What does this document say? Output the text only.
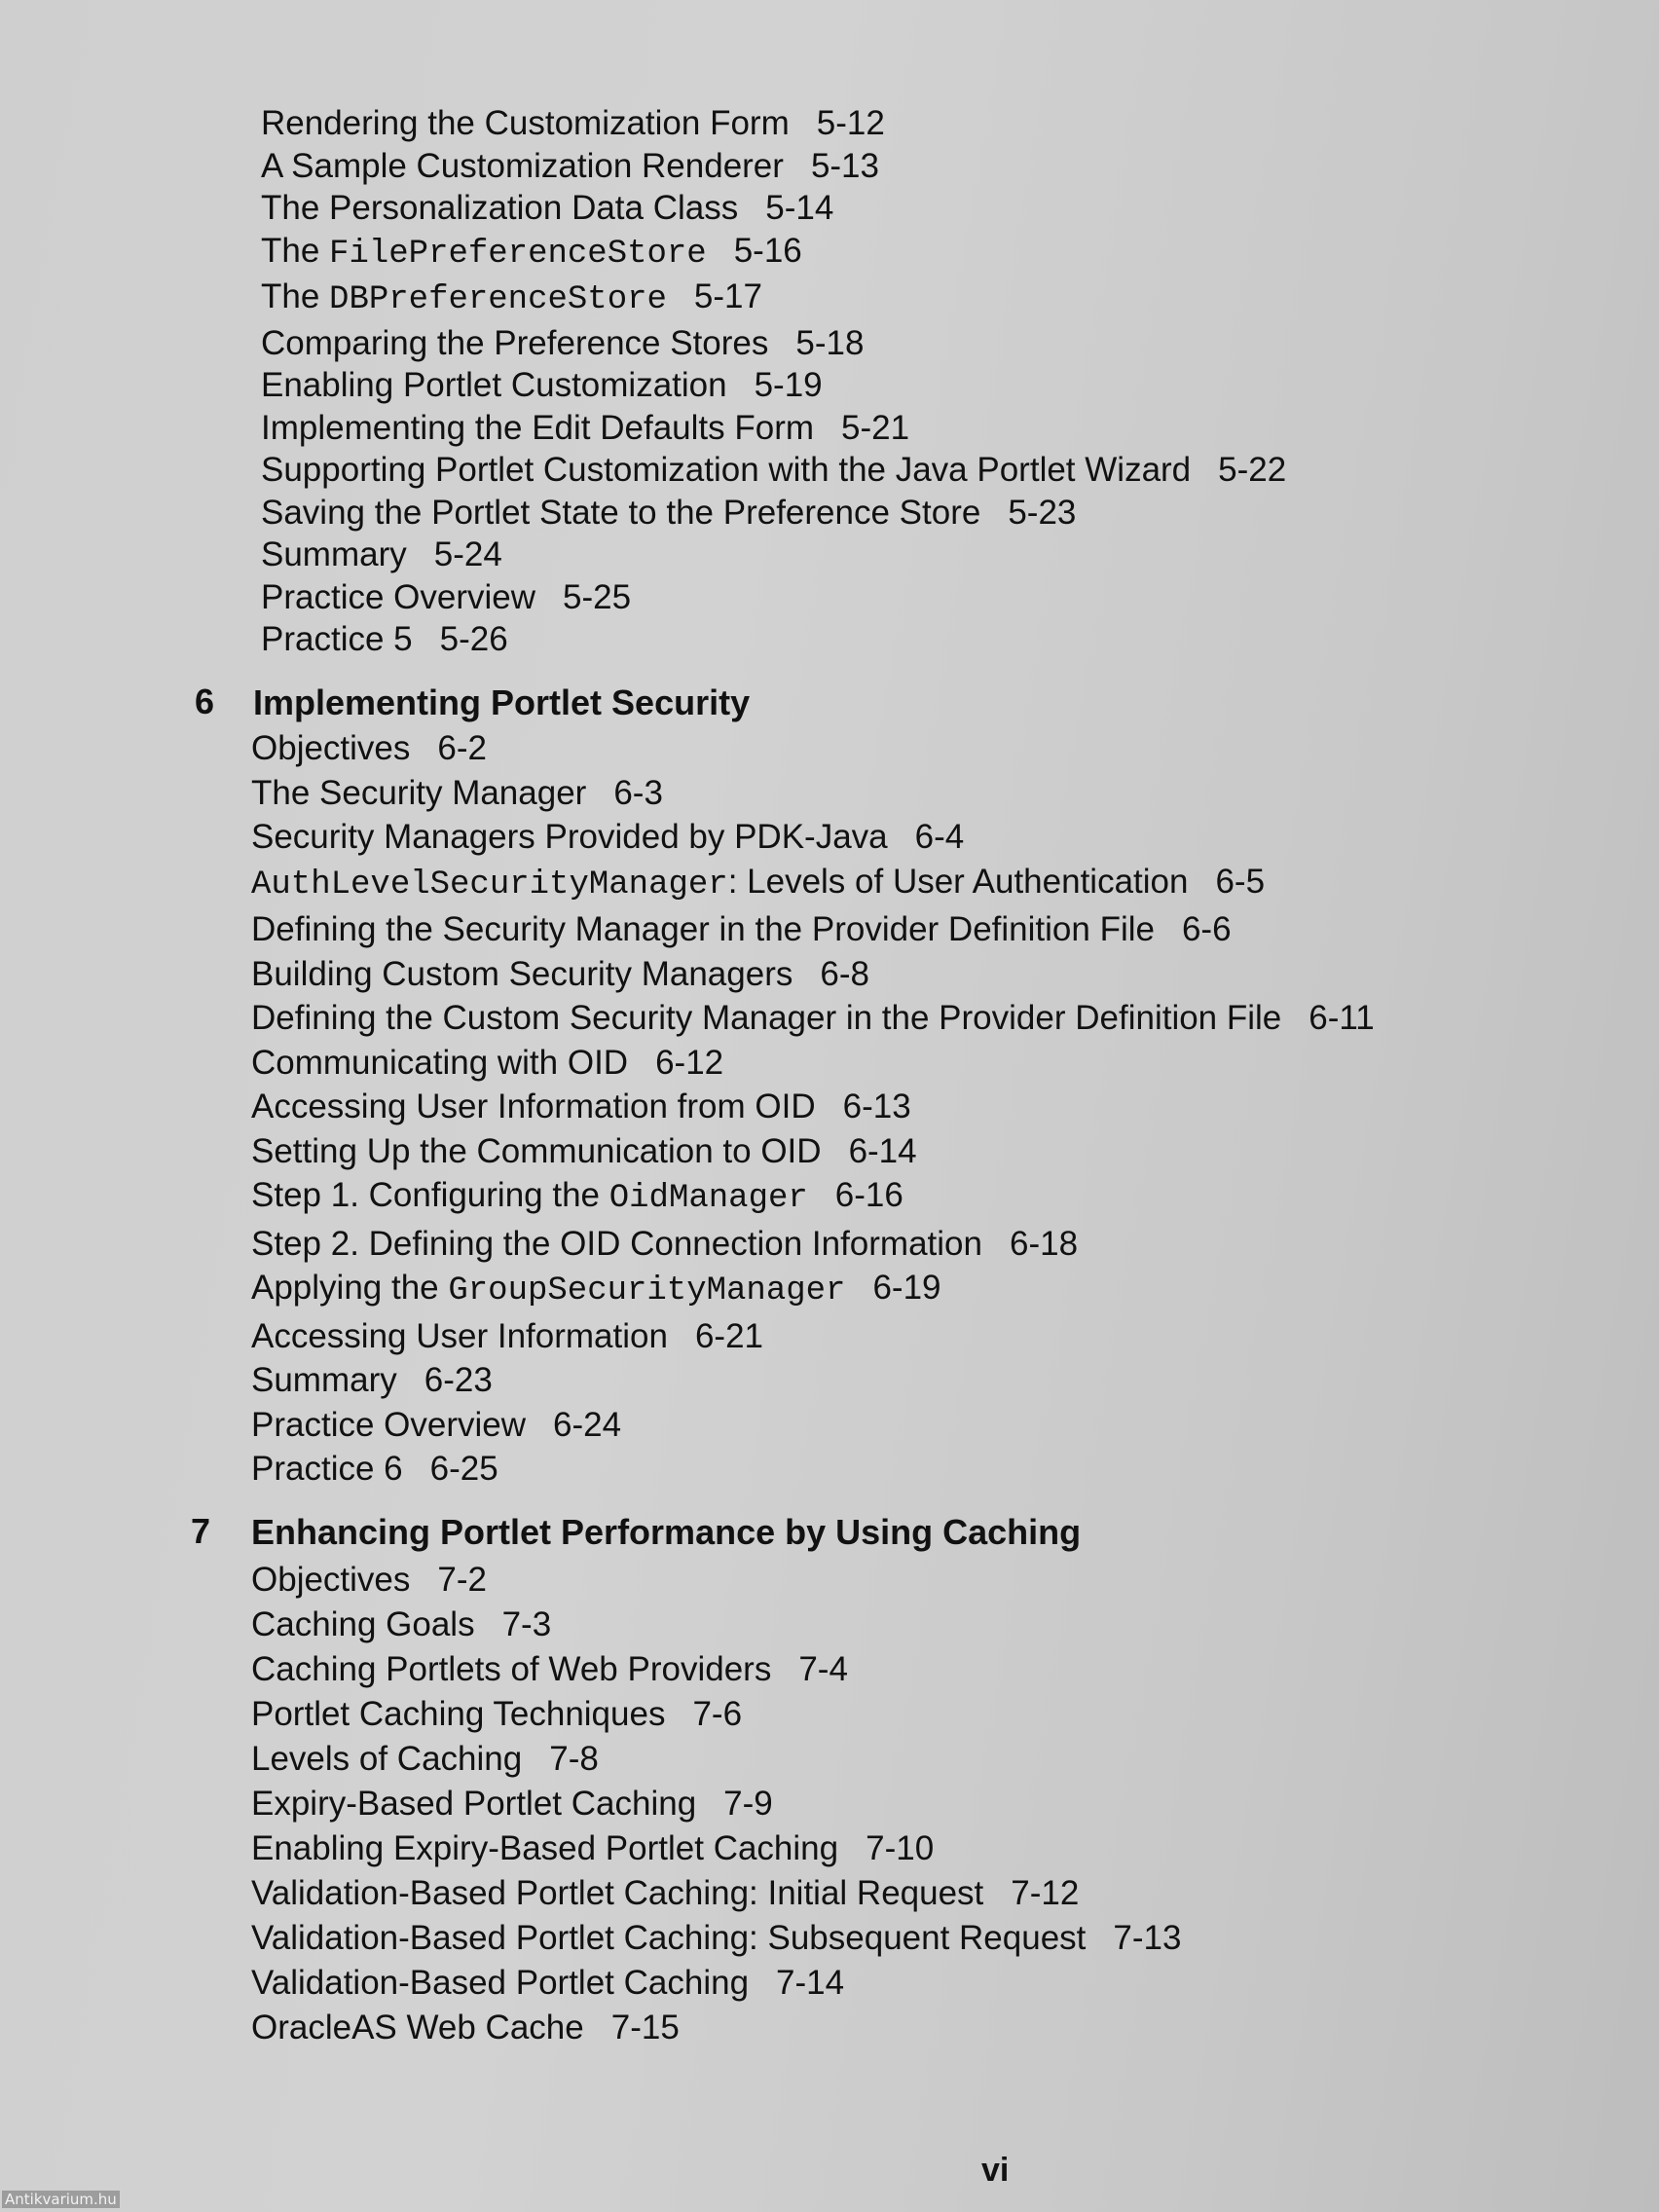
Rendering the Customization Form 5-12
A Sample Customization Renderer 5-13
The Personalization Data Class 5-14
The FilePreferenceStore 5-16
The DBPreferenceStore 5-17
Comparing the Preference Stores 5-18
Enabling Portlet Customization 5-19
Implementing the Edit Defaults Form 5-21
Supporting Portlet Customization with the Java Portlet Wizard 5-22
Saving the Portlet State to the Preference Store 5-23
Summary 5-24
Practice Overview 5-25
Practice 5 5-26
6 Implementing Portlet Security
Objectives 6-2
The Security Manager 6-3
Security Managers Provided by PDK-Java 6-4
AuthLevelSecurityManager: Levels of User Authentication 6-5
Defining the Security Manager in the Provider Definition File 6-6
Building Custom Security Managers 6-8
Defining the Custom Security Manager in the Provider Definition File 6-11
Communicating with OID 6-12
Accessing User Information from OID 6-13
Setting Up the Communication to OID 6-14
Step 1. Configuring the OidManager 6-16
Step 2. Defining the OID Connection Information 6-18
Applying the GroupSecurityManager 6-19
Accessing User Information 6-21
Summary 6-23
Practice Overview 6-24
Practice 6 6-25
7 Enhancing Portlet Performance by Using Caching
Objectives 7-2
Caching Goals 7-3
Caching Portlets of Web Providers 7-4
Portlet Caching Techniques 7-6
Levels of Caching 7-8
Expiry-Based Portlet Caching 7-9
Enabling Expiry-Based Portlet Caching 7-10
Validation-Based Portlet Caching: Initial Request 7-12
Validation-Based Portlet Caching: Subsequent Request 7-13
Validation-Based Portlet Caching 7-14
OracleAS Web Cache 7-15
vi
Antikvarium.hu
